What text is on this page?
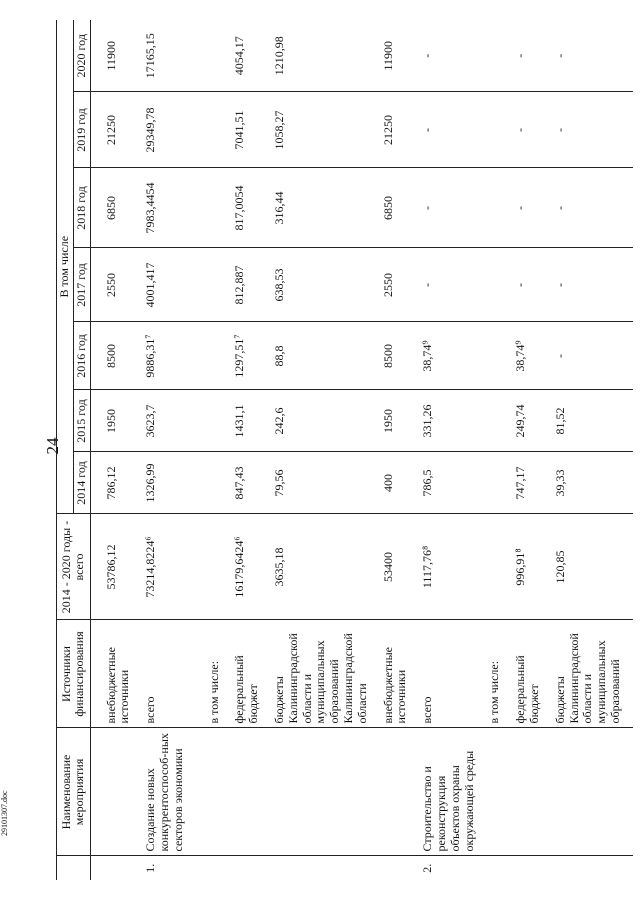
24
29101307.doc
		Наименование мероприятия	Источники финансирования	2014 - 2020 годы - всего	В том числе						
				2014 год	2015 год	2016 год	2017 год	2018 год	2019 год	2020 год
		внебюджетные источники	53786,12	786,12	1950	8500	2550	6850	21250	11900
1.	Создание новых конкурентоспособ-ных секторов экономики	всего	73214,8224⁶	1326,99	3623,7	9886,31⁷	4001,417	7983,4454	29349,78	17165,15
		в том числе:								
		федеральный бюджет	16179,6424⁶	847,43	1431,1	1297,51⁷	812,887	817,0054	7041,51	4054,17
		бюджеты Калининградской области и муниципальных образований Калининградской области	3635,18	79,56	242,6	88,8	638,53	316,44	1058,27	1210,98
		внебюджетные источники	53400	400	1950	8500	2550	6850	21250	11900
2.	Строительство и реконструкция объектов охраны окружающей среды	всего	1117,76⁸	786,5	331,26	38,74⁹	-	-	-	-
		в том числе:								
		федеральный бюджет	996,91⁸	747,17	249,74	38,74⁹	-	-	-	-
		бюджеты Калининградской области и муниципальных образований	120,85	39,33	81,52	-	-	-	-	-
